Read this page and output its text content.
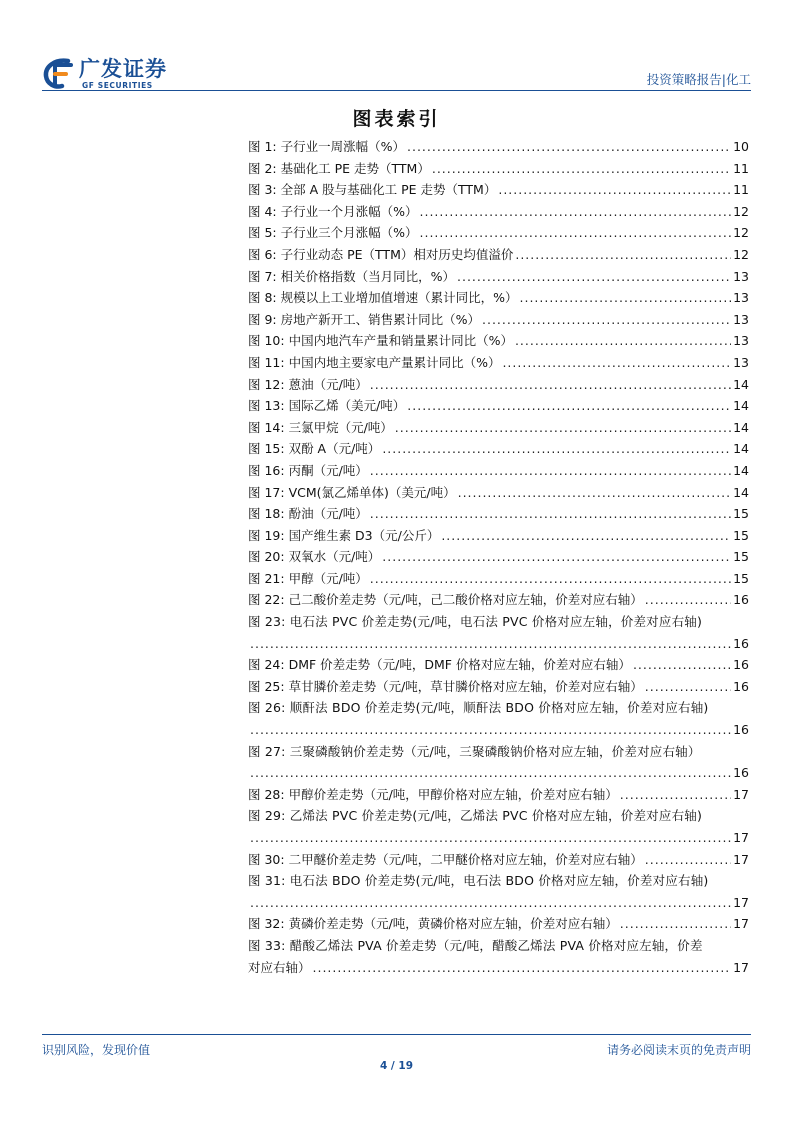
广发证券
GF SECURITIES	投资策略报告|化工
图表索引
图 1: 子行业一周涨幅（%） .....	10
图 2: 基础化工 PE 走势（TTM） .....	11
图 3: 全部 A 股与基础化工 PE 走势（TTM） .....	11
图 4: 子行业一个月涨幅（%） .....	12
图 5: 子行业三个月涨幅（%） .....	12
图 6: 子行业动态 PE（TTM）相对历史均值溢价 .....	12
图 7: 相关价格指数（当月同比，%） .....	13
图 8: 规模以上工业增加值增速（累计同比，%） .....	13
图 9: 房地产新开工、销售累计同比（%） .....	13
图 10: 中国内地汽车产量和销量累计同比（%） .....	13
图 11: 中国内地主要家电产量累计同比（%） .....	13
图 12: 蒽油（元/吨） .....	14
图 13: 国际乙烯（美元/吨） .....	14
图 14: 三氯甲烷（元/吨） .....	14
图 15: 双酚 A（元/吨） .....	14
图 16: 丙酮（元/吨） .....	14
图 17: VCM(氯乙烯单体)（美元/吨） .....	14
图 18: 酚油（元/吨） .....	15
图 19: 国产维生素 D3（元/公斤） .....	15
图 20: 双氧水（元/吨） .....	15
图 21: 甲醇（元/吨） .....	15
图 22: 己二酸价差走势（元/吨，己二酸价格对应左轴，价差对应右轴） .....	16
图 23: 电石法 PVC 价差走势(元/吨，电石法 PVC 价格对应左轴，价差对应右轴)
.....
16
图 24: DMF 价差走势（元/吨，DMF 价格对应左轴，价差对应右轴） .....	16
图 25: 草甘膦价差走势（元/吨，草甘膦价格对应左轴，价差对应右轴） .....	16
图 26: 顺酐法 BDO 价差走势(元/吨，顺酐法 BDO 价格对应左轴，价差对应右轴)
.....
16
图 27: 三聚磷酸钠价差走势（元/吨，三聚磷酸钠价格对应左轴，价差对应右轴）
.....
16
图 28: 甲醇价差走势（元/吨，甲醇价格对应左轴，价差对应右轴） .....	17
图 29: 乙烯法 PVC 价差走势(元/吨，乙烯法 PVC 价格对应左轴，价差对应右轴)
.....
17
图 30: 二甲醚价差走势（元/吨，二甲醚价格对应左轴，价差对应右轴） .....	17
图 31: 电石法 BDO 价差走势(元/吨，电石法 BDO 价格对应左轴，价差对应右轴)
.....
17
图 32: 黄磷价差走势（元/吨，黄磷价格对应左轴，价差对应右轴） .....	17
图 33: 醋酸乙烯法 PVA 价差走势（元/吨，醋酸乙烯法 PVA 价格对应左轴，价差
对应右轴） .....	17
识别风险，发现价值	请务必阅读末页的免责声明
4 / 19
